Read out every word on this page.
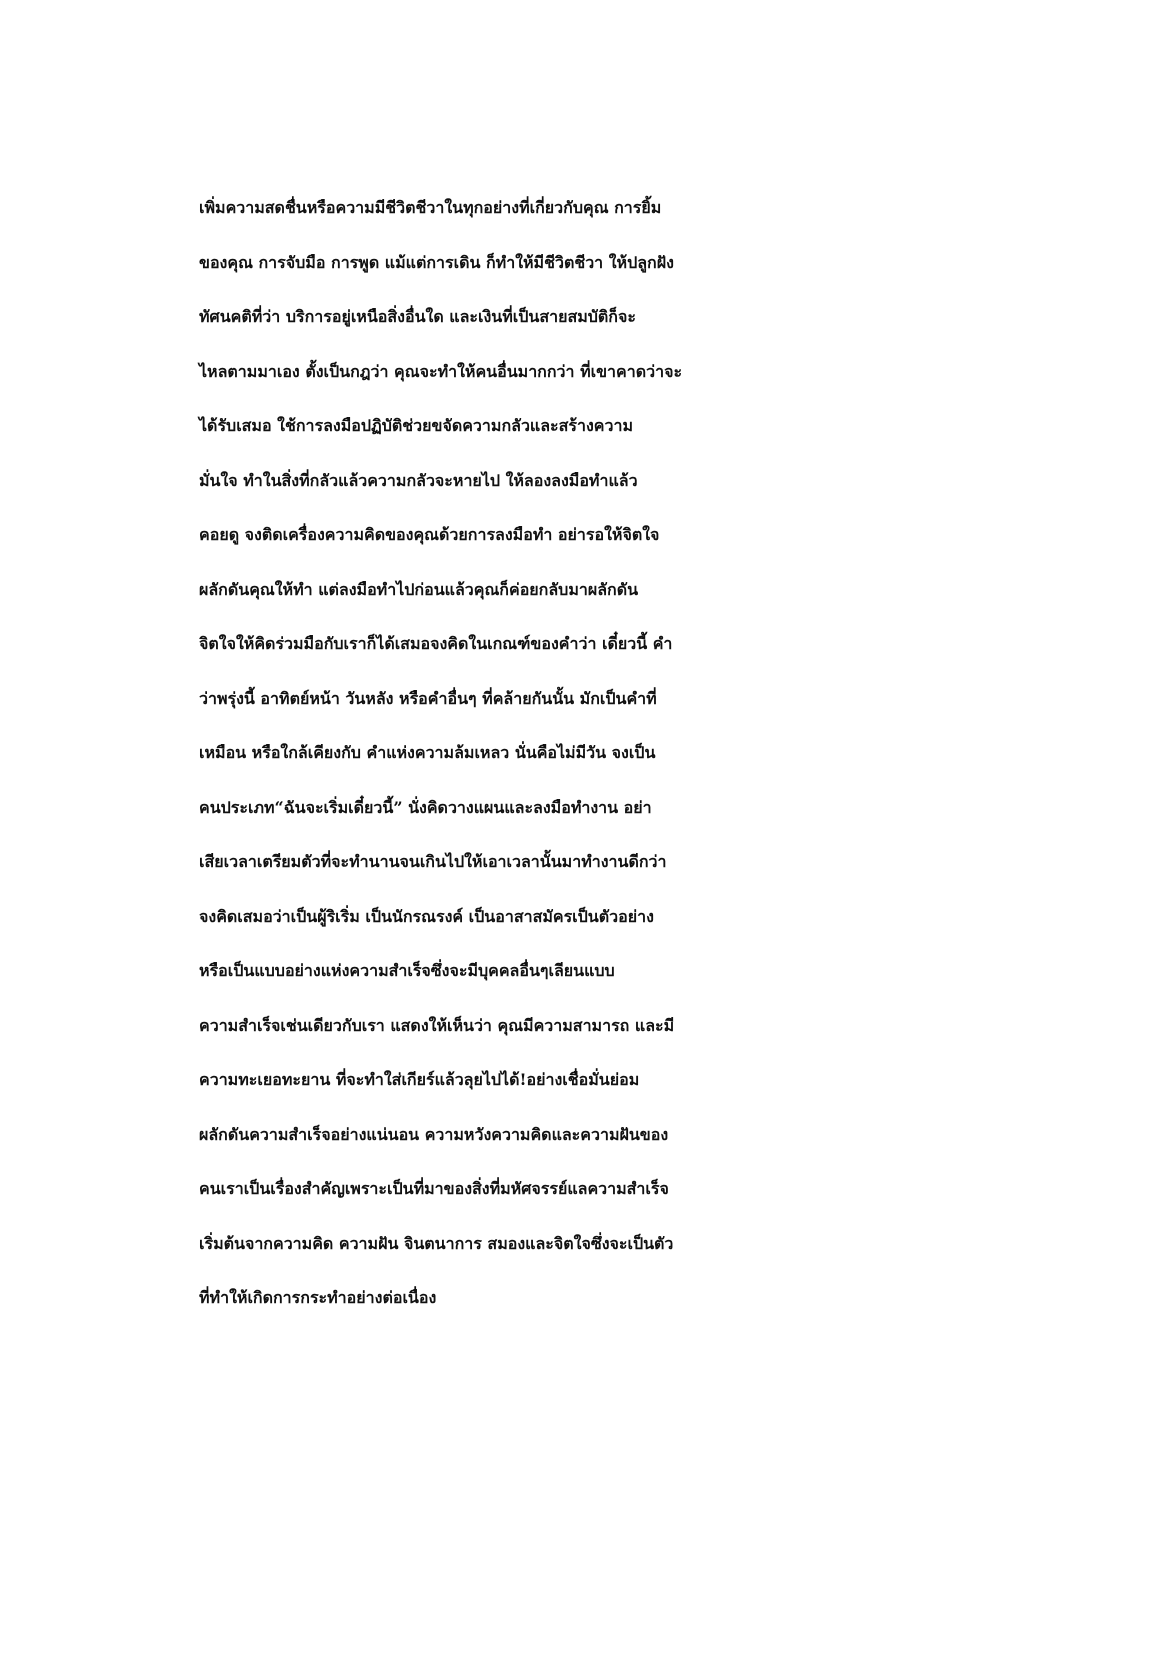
เพิ่มความสดชื่นหรือความมีชีวิตชีวาในทุกอย่างที่เกี่ยวกับคุณ การยิ้ม
ของคุณ การจับมือ การพูด แม้แต่การเดิน ก็ทำให้มีชีวิตชีวา ให้ปลูกฝัง
ทัศนคติที่ว่า บริการอยู่เหนือสิ่งอื่นใด และเงินที่เป็นสายสมบัติก็จะ
ไหลตามมาเอง ตั้งเป็นกฎว่า คุณจะทำให้คนอื่นมากกว่า ที่เขาคาดว่าจะ
ได้รับเสมอ ใช้การลงมือปฏิบัติช่วยขจัดความกลัวและสร้างความ
มั่นใจ ทำในสิ่งที่กลัวแล้วความกลัวจะหายไป ให้ลองลงมือทำแล้ว
คอยดู จงติดเครื่องความคิดของคุณด้วยการลงมือทำ อย่ารอให้จิตใจ
ผลักดันคุณให้ทำ แต่ลงมือทำไปก่อนแล้วคุณก็ค่อยกลับมาผลักดัน
จิตใจให้คิดร่วมมือกับเราก็ได้เสมอจงคิดในเกณฑ์ของคำว่า เดี๋ยวนี้ คำ
ว่าพรุ่งนี้ อาทิตย์หน้า วันหลัง หรือคำอื่นๆ ที่คล้ายกันนั้น มักเป็นคำที่
เหมือน หรือใกล้เคียงกับ คำแห่งความล้มเหลว นั่นคือไม่มีวัน จงเป็น
คนประเภท“ฉันจะเริ่มเดี๋ยวนี้” นั่งคิดวางแผนและลงมือทำงาน อย่า
เสียเวลาเตรียมตัวที่จะทำนานจนเกินไปให้เอาเวลานั้นมาทำงานดีกว่า
จงคิดเสมอว่าเป็นผู้ริเริ่ม เป็นนักรณรงค์ เป็นอาสาสมัครเป็นตัวอย่าง
หรือเป็นแบบอย่างแห่งความสำเร็จซึ่งจะมีบุคคลอื่นๆเลียนแบบ
ความสำเร็จเช่นเดียวกับเรา แสดงให้เห็นว่า คุณมีความสามารถ และมี
ความทะเยอทะยาน ที่จะทำใส่เกียร์แล้วลุยไปได้!อย่างเชื่อมั่นย่อม
ผลักดันความสำเร็จอย่างแน่นอน ความหวังความคิดและความฝันของ
คนเราเป็นเรื่องสำคัญเพราะเป็นที่มาของสิ่งที่มหัศจรรย์แลความสำเร็จ
เริ่มต้นจากความคิด ความฝัน จินตนาการ สมองและจิตใจซึ่งจะเป็นตัว
ที่ทำให้เกิดการกระทำอย่างต่อเนื่อง
